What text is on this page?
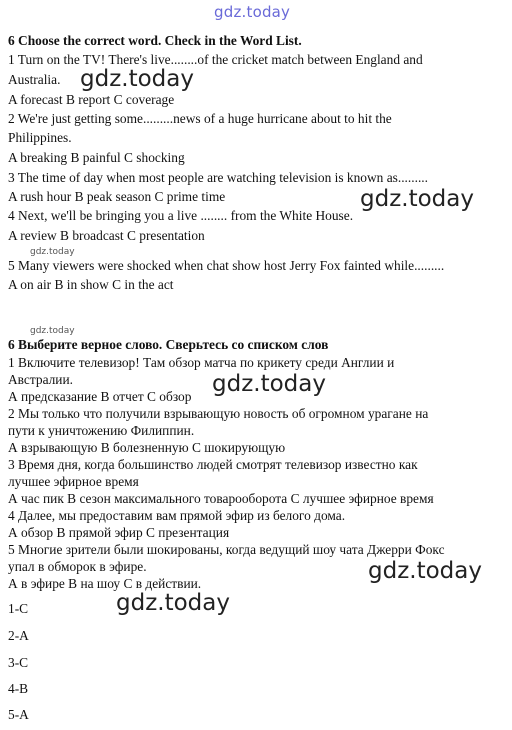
gdz.today
gdz.today
gdz.today
gdz.today
gdz.today
gdz.today
gdz.today
gdz.today
6 Choose the correct word. Check in the Word List.
1 Turn on the TV! There's live........of the cricket match between England and
Australia.
A forecast B report C coverage
2 We're just getting some.........news of a huge hurricane about to hit the
Philippines.
A breaking B painful C shocking
3 The time of day when most people are watching television is known as.........
A rush hour B peak season C prime time
4 Next, we'll be bringing you a live ........ from the White House.
A review B broadcast C presentation
5 Many viewers were shocked when chat show host Jerry Fox fainted while.........
A on air B in show C in the act
6 Выберите верное слово. Сверьтесь со списком слов
1 Включите телевизор! Там обзор матча по крикету среди Англии и
Австралии.
А предсказание В отчет С обзор
2 Мы только что получили взрывающую новость об огромном урагане на
пути к уничтожению Филиппин.
А взрывающую В болезненную С шокирующую
3 Время дня, когда большинство людей смотрят телевизор известно как
лучшее эфирное время
А час пик В сезон максимального товарооборота С лучшее эфирное время
4 Далее, мы предоставим вам прямой эфир из белого дома.
А обзор В прямой эфир С презентация
5 Многие зрители были шокированы, когда ведущий шоу чата Джерри Фокс
упал в обморок в эфире.
А в эфире В на шоу С в действии.
1-C
2-A
3-C
4-B
5-A
